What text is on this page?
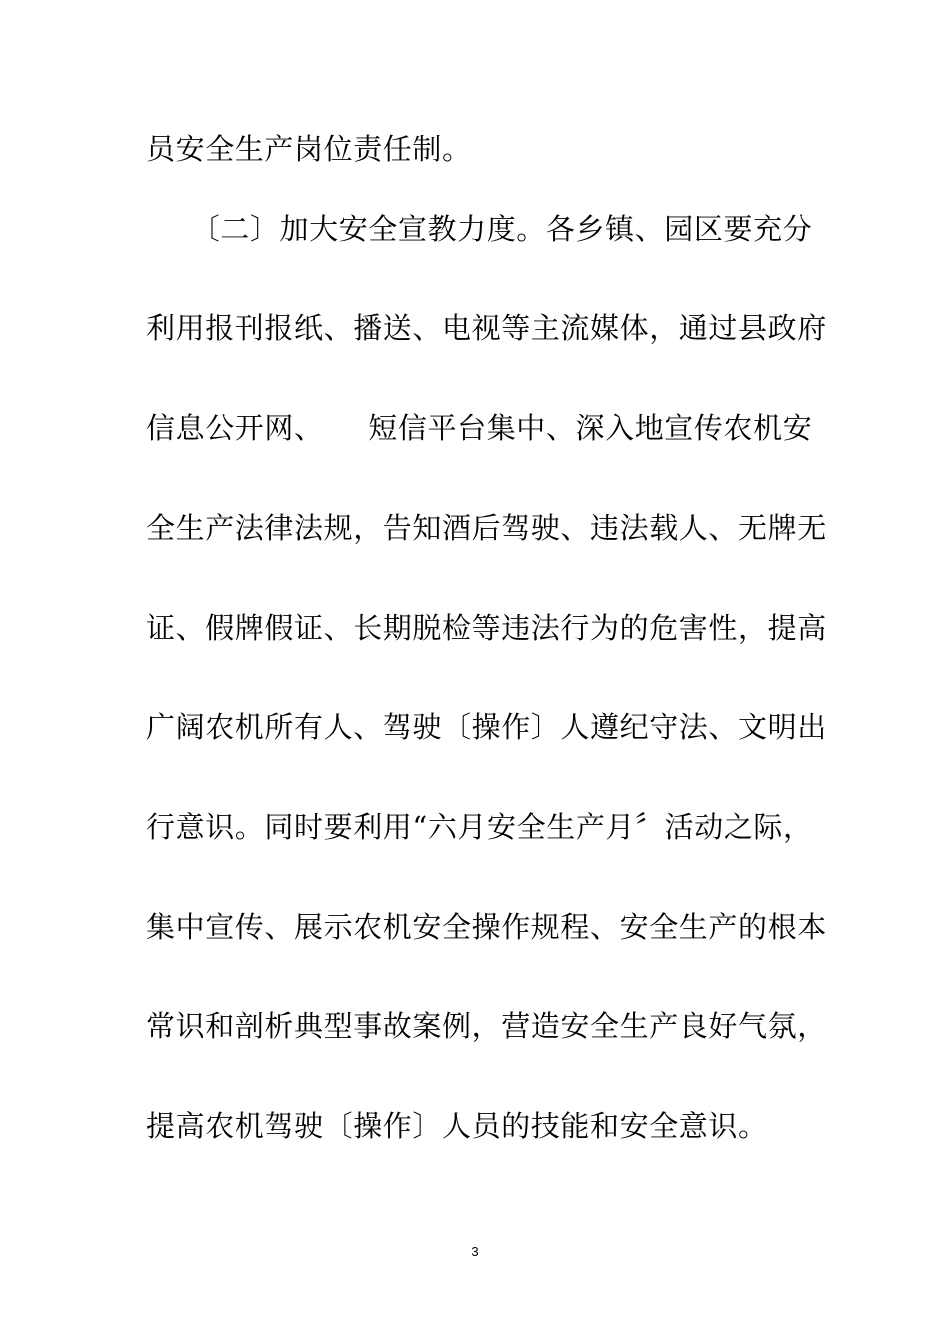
员安全生产岗位责任制。
　　〔二〕加大安全宣教力度。各乡镇、园区要充分
利用报刊报纸、播送、电视等主流媒体，通过县政府
信息公开网、　　短信平台集中、深入地宣传农机安
全生产法律法规，告知酒后驾驶、违法载人、无牌无
证、假牌假证、长期脱检等违法行为的危害性，提高
广阔农机所有人、驾驶〔操作〕人遵纪守法、文明出
行意识。同时要利用“六月安全生产月〞活动之际，
集中宣传、展示农机安全操作规程、安全生产的根本
常识和剖析典型事故案例，营造安全生产良好气氛，
提高农机驾驶〔操作〕人员的技能和安全意识。
3
